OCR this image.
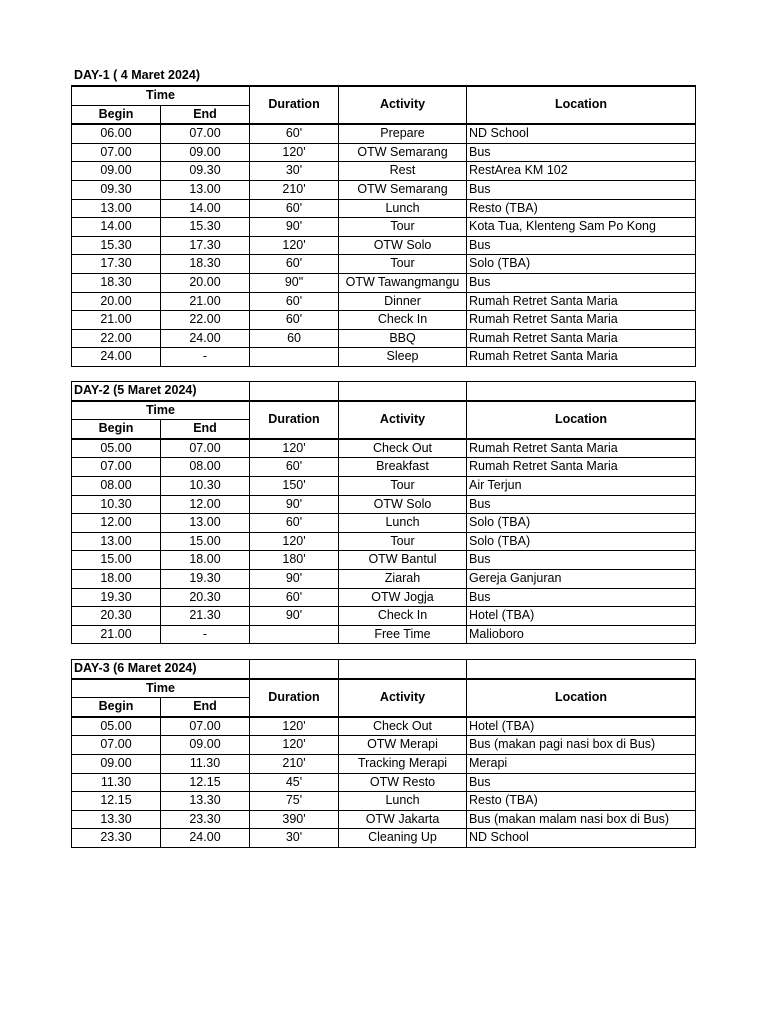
DAY-1 ( 4 Maret 2024)
Time		Duration	Activity	Location
Begin	End			
06.00	07.00	60'	Prepare	ND School
07.00	09.00	120'	OTW Semarang	Bus
09.00	09.30	30'	Rest	RestArea KM 102
09.30	13.00	210'	OTW Semarang	Bus
13.00	14.00	60'	Lunch	Resto (TBA)
14.00	15.30	90'	Tour	Kota Tua, Klenteng Sam Po Kong
15.30	17.30	120'	OTW Solo	Bus
17.30	18.30	60'	Tour	Solo (TBA)
18.30	20.00	90"	OTW Tawangmangu	Bus
20.00	21.00	60'	Dinner	Rumah Retret Santa Maria
21.00	22.00	60'	Check In	Rumah Retret Santa Maria
22.00	24.00	60	BBQ	Rumah Retret Santa Maria
24.00	-		Sleep	Rumah Retret Santa Maria
DAY-2 (5 Maret 2024)				
Time		Duration	Activity	Location
Begin	End			
05.00	07.00	120'	Check Out	Rumah Retret Santa Maria
07.00	08.00	60'	Breakfast	Rumah Retret Santa Maria
08.00	10.30	150'	Tour	Air Terjun
10.30	12.00	90'	OTW Solo	Bus
12.00	13.00	60'	Lunch	Solo (TBA)
13.00	15.00	120'	Tour	Solo (TBA)
15.00	18.00	180'	OTW Bantul	Bus
18.00	19.30	90'	Ziarah	Gereja Ganjuran
19.30	20.30	60'	OTW Jogja	Bus
20.30	21.30	90'	Check In	Hotel (TBA)
21.00	-		Free Time	Malioboro
DAY-3 (6 Maret 2024)				
Time		Duration	Activity	Location
Begin	End			
05.00	07.00	120'	Check Out	Hotel (TBA)
07.00	09.00	120'	OTW Merapi	Bus (makan pagi nasi box di Bus)
09.00	11.30	210'	Tracking Merapi	Merapi
11.30	12.15	45'	OTW Resto	Bus
12.15	13.30	75'	Lunch	Resto (TBA)
13.30	23.30	390'	OTW Jakarta	Bus (makan malam nasi box di Bus)
23.30	24.00	30'	Cleaning Up	ND School
